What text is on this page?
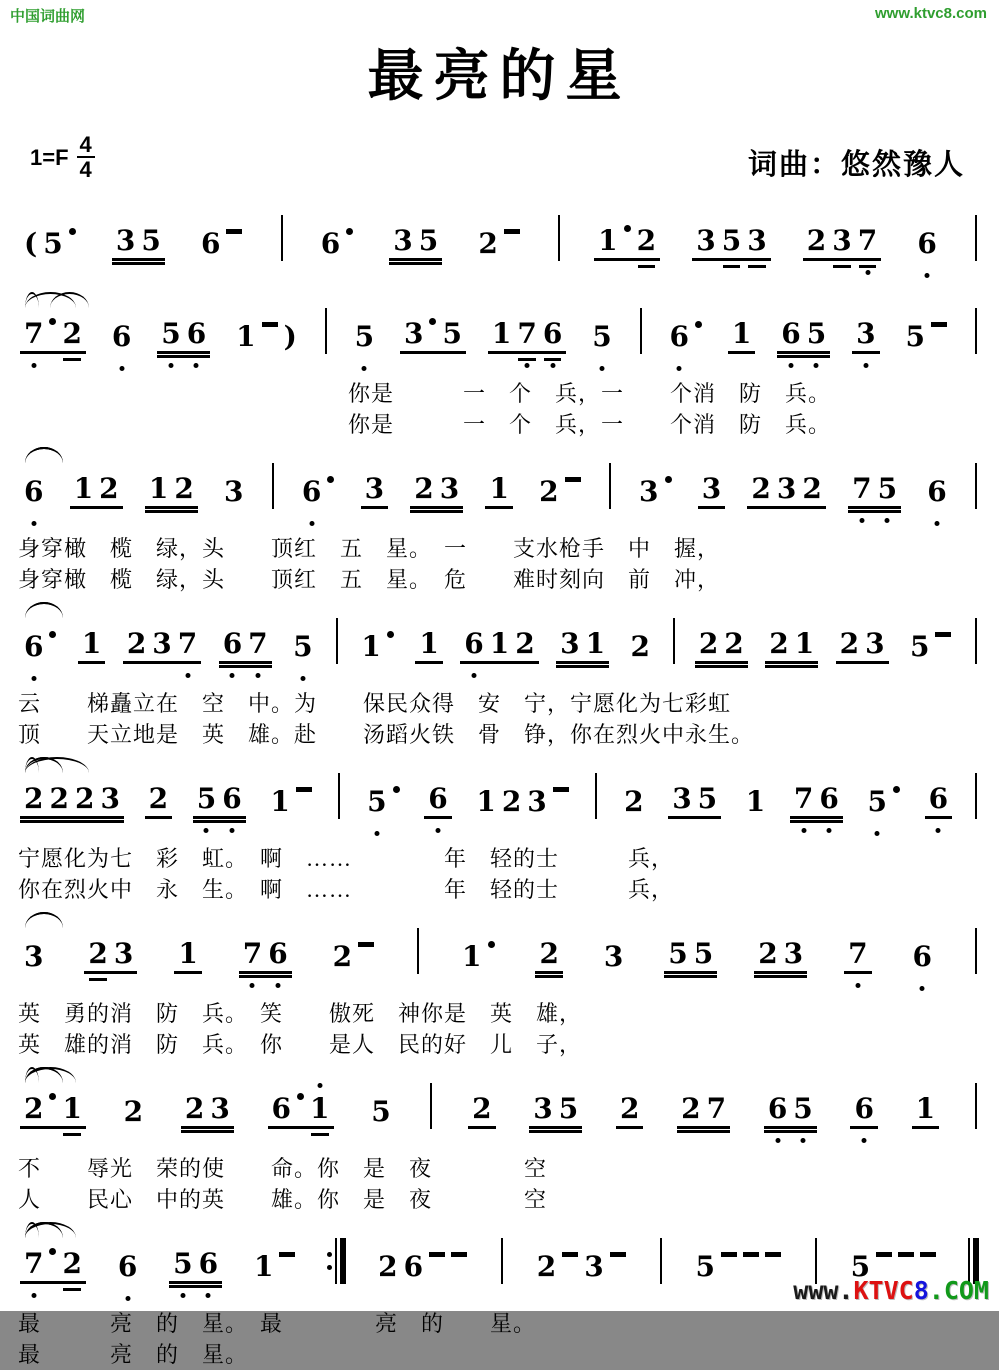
中国词曲网	www.ktvc8.com
最亮的星
$1=F \frac{4}{4}$	词曲：悠然豫人
( 5 3 5 6	6 3 5 2	1 2 3 5 3 2 3 7 6
7 2 6 5 6 1 ) 5 3 5 1 7 6 5 6 1 6 5 3 5
你是　　　一　个　兵，一　　个消　防　兵。
你是　　　一　个　兵，一　　个消　防　兵。
6 1 2 1 2 3 6 3 2 3 1 2	3 3 2 3 2 7 5 6
身穿橄　榄　绿，头　　顶红　五　星。　一　　支水枪手　中　握，
身穿橄　榄　绿，头　　顶红　五　星。　危　　难时刻向　前　冲，
6 1 2 3 7 6 7 5 1 1 6 1 2 3 1 2 2 2 2 1 2 3 5
云　　梯矗立在　空　中。为　　保民众得　安　宁，宁愿化为七彩虹
顶　　天立地是　英　雄。赴　　汤蹈火铁　骨　铮，你在烈火中永生。
2 2 2 3 2 5 6 1	5 6 1 2 3	2 3 5 1 7 6 5 6
宁愿化为七　彩　虹。　啊　……　　　　年　轻的士　　　兵，
你在烈火中　永　生。　啊　……　　　　年　轻的士　　　兵，
3 2 3 1 7 6 2	1 2 3 5 5 2 3 7 6
英　勇的消　防　兵。　笑　　傲死　神你是　英　雄，
英　雄的消　防　兵。　你　　是人　民的好　儿　子，
2 1 2 2 3 6 1 5	2 3 5 2 2 7 6 5 6 1
不　　辱光　荣的使　　命。你　是　夜　　　　空
人　　民心　中的英　　雄。你　是　夜　　　　空
7 2 6 5 6 1	2 6	2 3	5	5
最　　　亮　的　星。　最　　　　亮　的　　星。
最　　　亮　的　星。
www.KTVC8.COM
